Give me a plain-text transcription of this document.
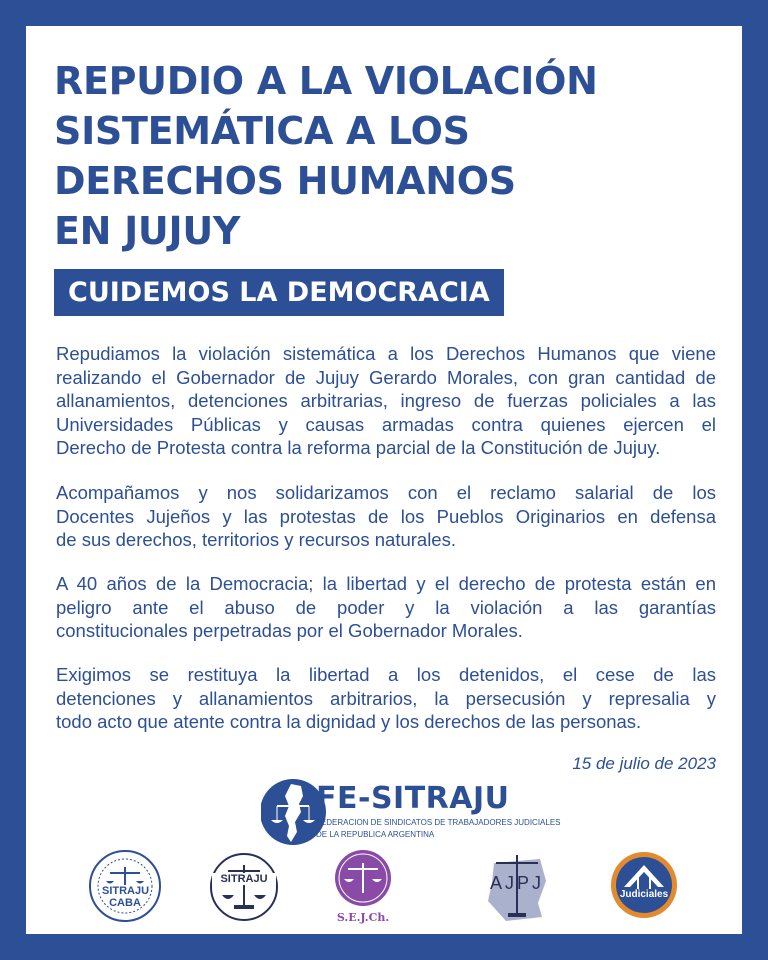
REPUDIO A LA VIOLACIÓN
SISTEMÁTICA A LOS
DERECHOS HUMANOS
EN JUJUY
CUIDEMOS LA DEMOCRACIA

Repudiamos la violación sistemática a los Derechos Humanos que viene
realizando el Gobernador de Jujuy Gerardo Morales, con gran cantidad de
allanamientos, detenciones arbitrarias, ingreso de fuerzas policiales a las
Universidades Públicas y causas armadas contra quienes ejercen el
Derecho de Protesta contra la reforma parcial de la Constitución de Jujuy.

Acompañamos y nos solidarizamos con el reclamo salarial de los
Docentes Jujeños y las protestas de los Pueblos Originarios en defensa
de sus derechos, territorios y recursos naturales.

A 40 años de la Democracia; la libertad y el derecho de protesta están en
peligro ante el abuso de poder y la violación a las garantías
constitucionales perpetradas por el Gobernador Morales.

Exigimos se restituya la libertad a los detenidos, el cese de las
detenciones y allanamientos arbitrarios, la persecusión y represalia y
todo acto que atente contra la dignidad y los derechos de las personas.

15 de julio de 2023
FE-SITRAJU
FEDERACION DE SINDICATOS DE TRABAJADORES JUDICIALES
DE LA REPUBLICA ARGENTINA
SITRAJU
CABA
SITRAJU
S.E.J.Ch.
AJPJ
Judiciales
